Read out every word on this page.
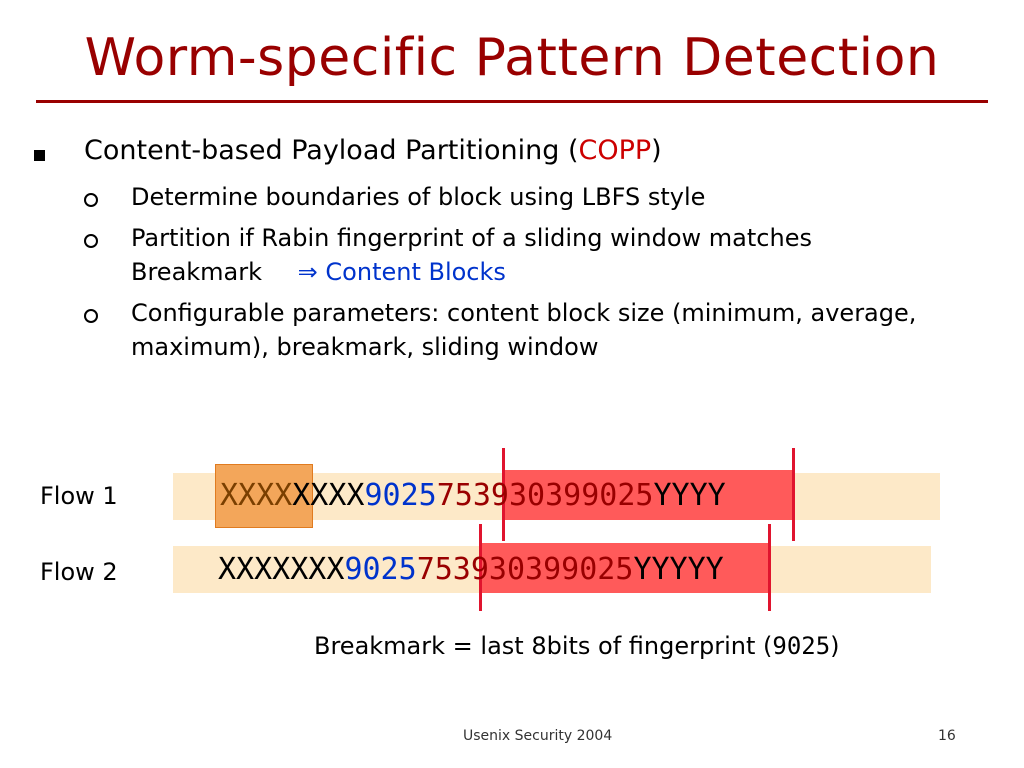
Worm-specific Pattern Detection
Content-based Payload Partitioning (COPP)
Determine boundaries of block using LBFS style
Partition if Rabin fingerprint of a sliding window matches
Breakmark ⇒ Content Blocks
Configurable parameters: content block size (minimum, average,
maximum), breakmark, sliding window
Flow 1	XXXXXXXX9025753930399025YYYY
Flow 2	XXXXXXX9025753930399025YYYYY
Breakmark = last 8bits of fingerprint (9025)
Usenix Security 2004	16
